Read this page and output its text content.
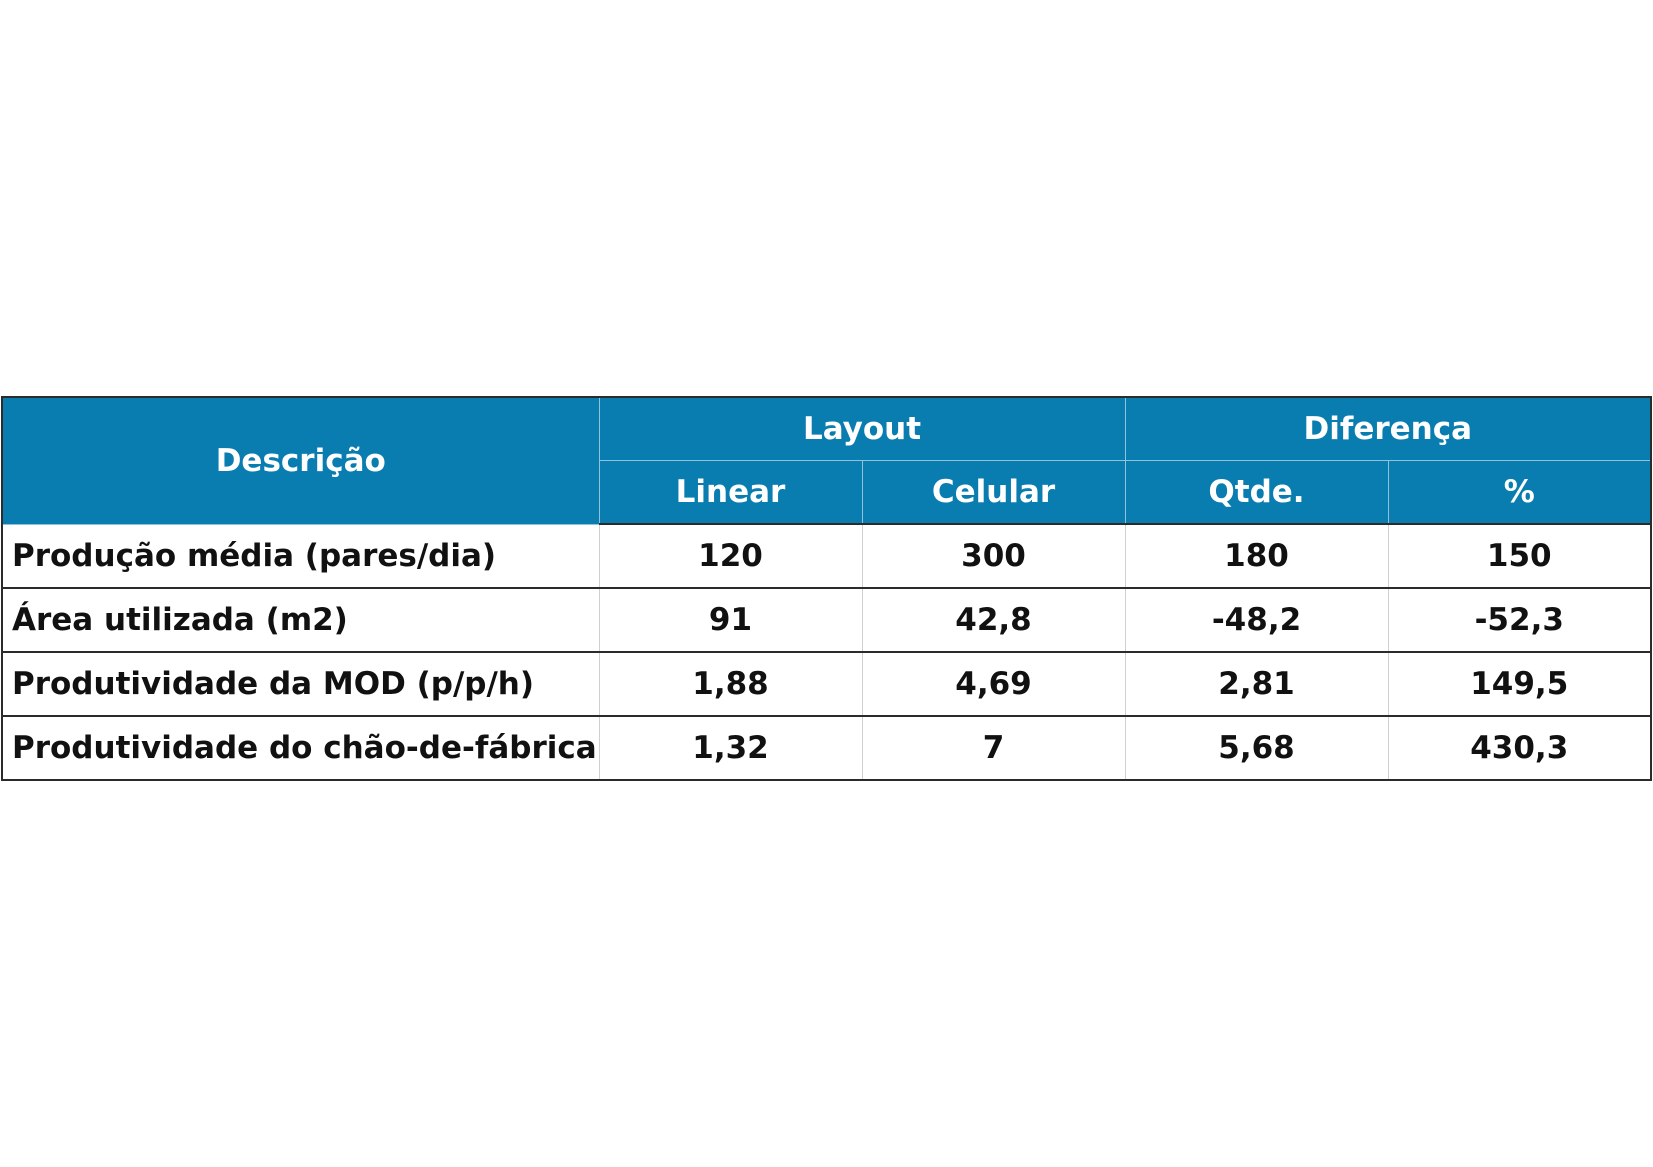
Descrição	Layout		Diferença	
	Linear	Celular	Qtde.	%
Produção média (pares/dia)	120	300	180	150
Área utilizada (m2)	91	42,8	-48,2	-52,3
Produtividade da MOD (p/p/h)	1,88	4,69	2,81	149,5
Produtividade do chão-de-fábrica	1,32	7	5,68	430,3
